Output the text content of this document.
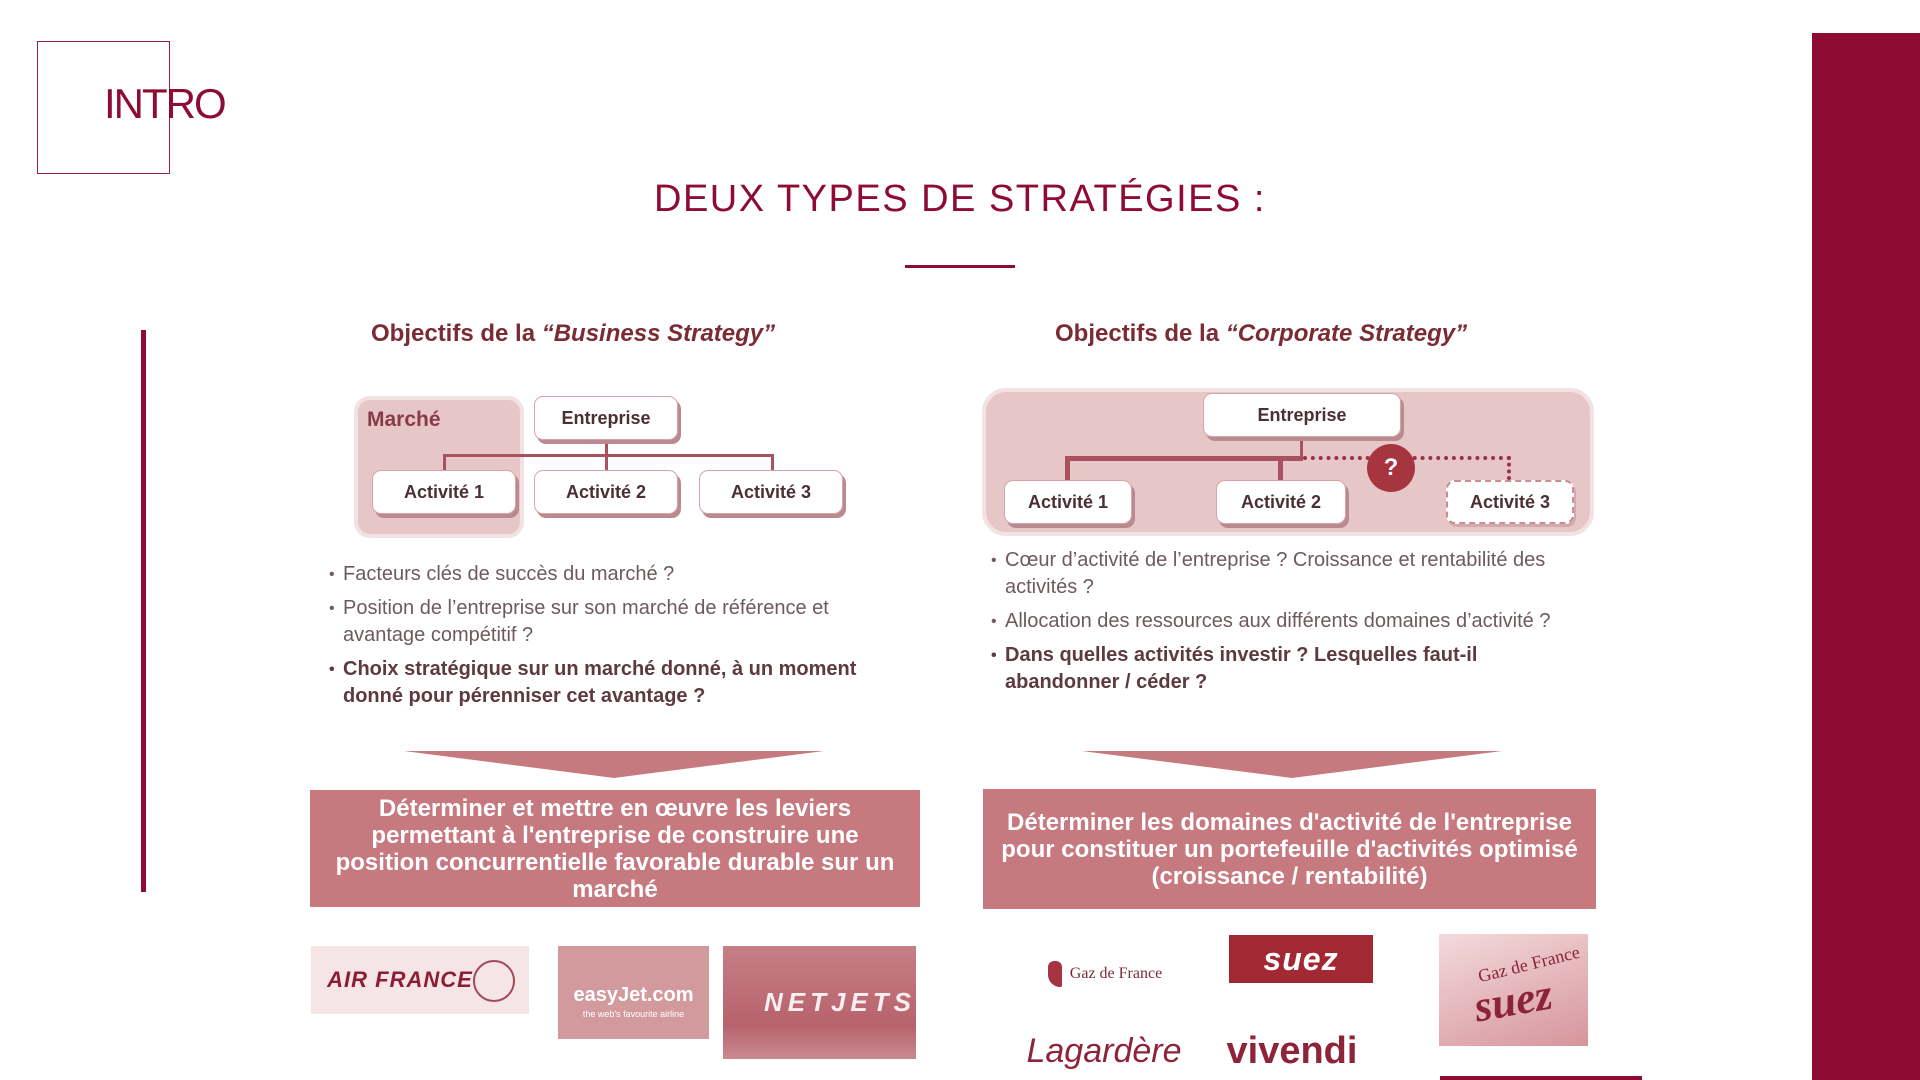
INTRO
DEUX TYPES DE STRATÉGIES :
Objectifs de la “Business Strategy”
Marché	Entreprise
Activité 1	Activité 2	Activité 3
• Facteurs clés de succès du marché ?
• Position de l’entreprise sur son marché de référence et avantage compétitif ?
• Choix stratégique sur un marché donné, à un moment donné pour pérenniser cet avantage ?
Déterminer et mettre en œuvre les leviers permettant à l'entreprise de construire une position concurrentielle favorable durable sur un marché
Objectifs de la “Corporate Strategy”
?
Entreprise
Activité 1	Activité 2	Activité 3
• Cœur d’activité de l’entreprise ? Croissance et rentabilité des activités ?
• Allocation des ressources aux différents domaines d’activité ?
• Dans quelles activités investir ? Lesquelles faut-il abandonner / céder ?
Déterminer les domaines d'activité de l'entreprise pour constituer un portefeuille d'activités optimisé (croissance / rentabilité)
AIR FRANCE
easyJet.com
the web's favourite airline	NETJETS
Gaz de France	suez	Gaz de France
suez
Lagardère vivendi
